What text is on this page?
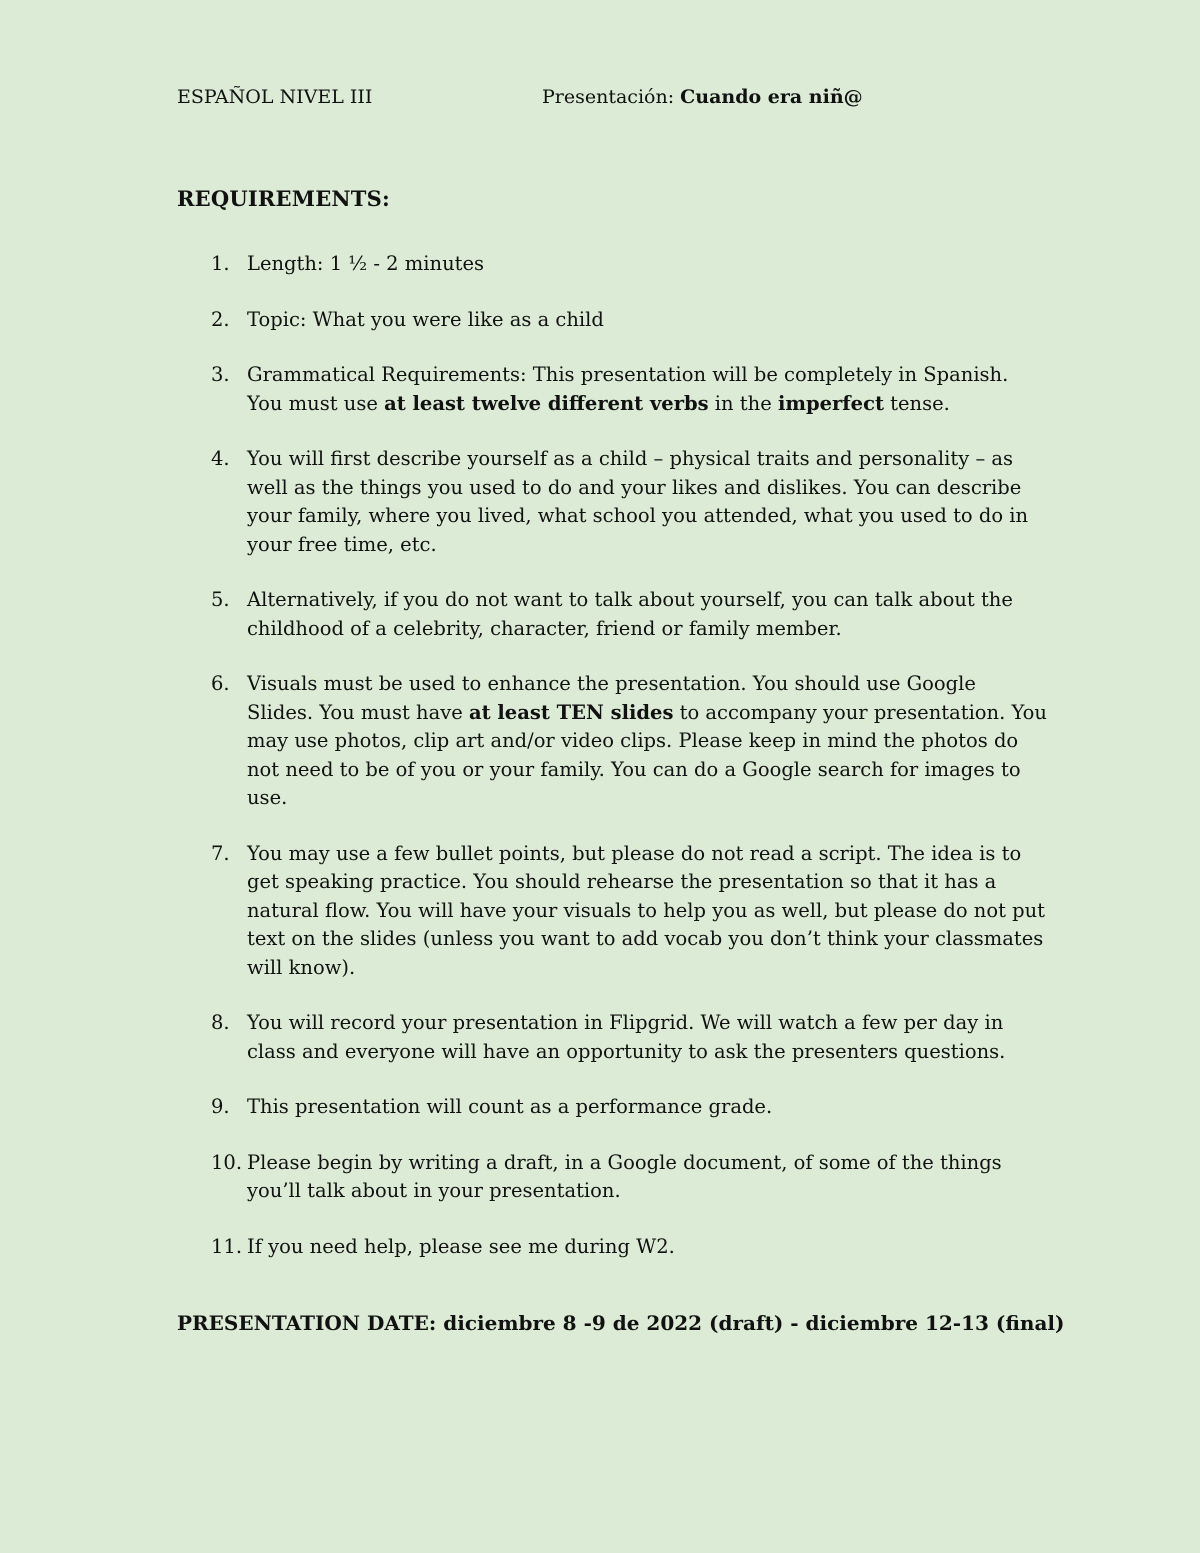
ESPAÑOL NIVEL III	Presentación: Cuando era niñ@
REQUIREMENTS:
1. Length: 1 ½ - 2 minutes
2. Topic: What you were like as a child
3. Grammatical Requirements: This presentation will be completely in Spanish. You must use at least twelve different verbs in the imperfect tense.
4. You will first describe yourself as a child – physical traits and personality – as well as the things you used to do and your likes and dislikes. You can describe your family, where you lived, what school you attended, what you used to do in your free time, etc.
5. Alternatively, if you do not want to talk about yourself, you can talk about the childhood of a celebrity, character, friend or family member.
6. Visuals must be used to enhance the presentation. You should use Google Slides. You must have at least TEN slides to accompany your presentation. You may use photos, clip art and/or video clips. Please keep in mind the photos do not need to be of you or your family. You can do a Google search for images to use.
7. You may use a few bullet points, but please do not read a script. The idea is to get speaking practice. You should rehearse the presentation so that it has a natural flow. You will have your visuals to help you as well, but please do not put text on the slides (unless you want to add vocab you don’t think your classmates will know).
8. You will record your presentation in Flipgrid. We will watch a few per day in class and everyone will have an opportunity to ask the presenters questions.
9. This presentation will count as a performance grade.
10. Please begin by writing a draft, in a Google document, of some of the things you’ll talk about in your presentation.
11. If you need help, please see me during W2.
PRESENTATION DATE: diciembre 8 -9 de 2022 (draft) - diciembre 12-13 (final)
